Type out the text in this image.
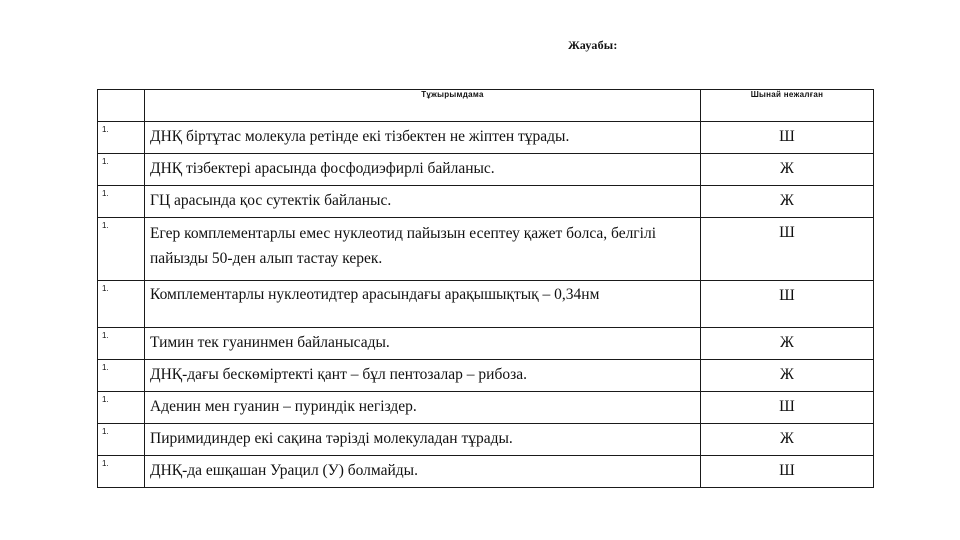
Жауабы:
	Тұжырымдама	Шынай нежалған
1.	ДНҚ біртұтас молекула ретінде екі тізбектен не жіптен тұрады.	Ш
1.	ДНҚ тізбектері арасында фосфодиэфирлі байланыс.	Ж
1.	ГЦ арасында қос сутектік байланыс.	Ж
1.	Егер комплементарлы емес нуклеотид пайызын есептеу қажет болса, белгілі пайызды 50-ден алып тастау керек.	Ш
1.	Комплементарлы нуклеотидтер арасындағы арақышықтық – 0,34нм	Ш
1.	Тимин тек гуанинмен байланысады.	Ж
1.	ДНҚ-дағы бескөміртекті қант – бұл пентозалар – рибоза.	Ж
1.	Аденин мен гуанин – пуриндік негіздер.	Ш
1.	Пиримидиндер екі сақина тәрізді молекуладан тұрады.	Ж
1.	ДНҚ-да ешқашан Урацил (У) болмайды.	Ш
